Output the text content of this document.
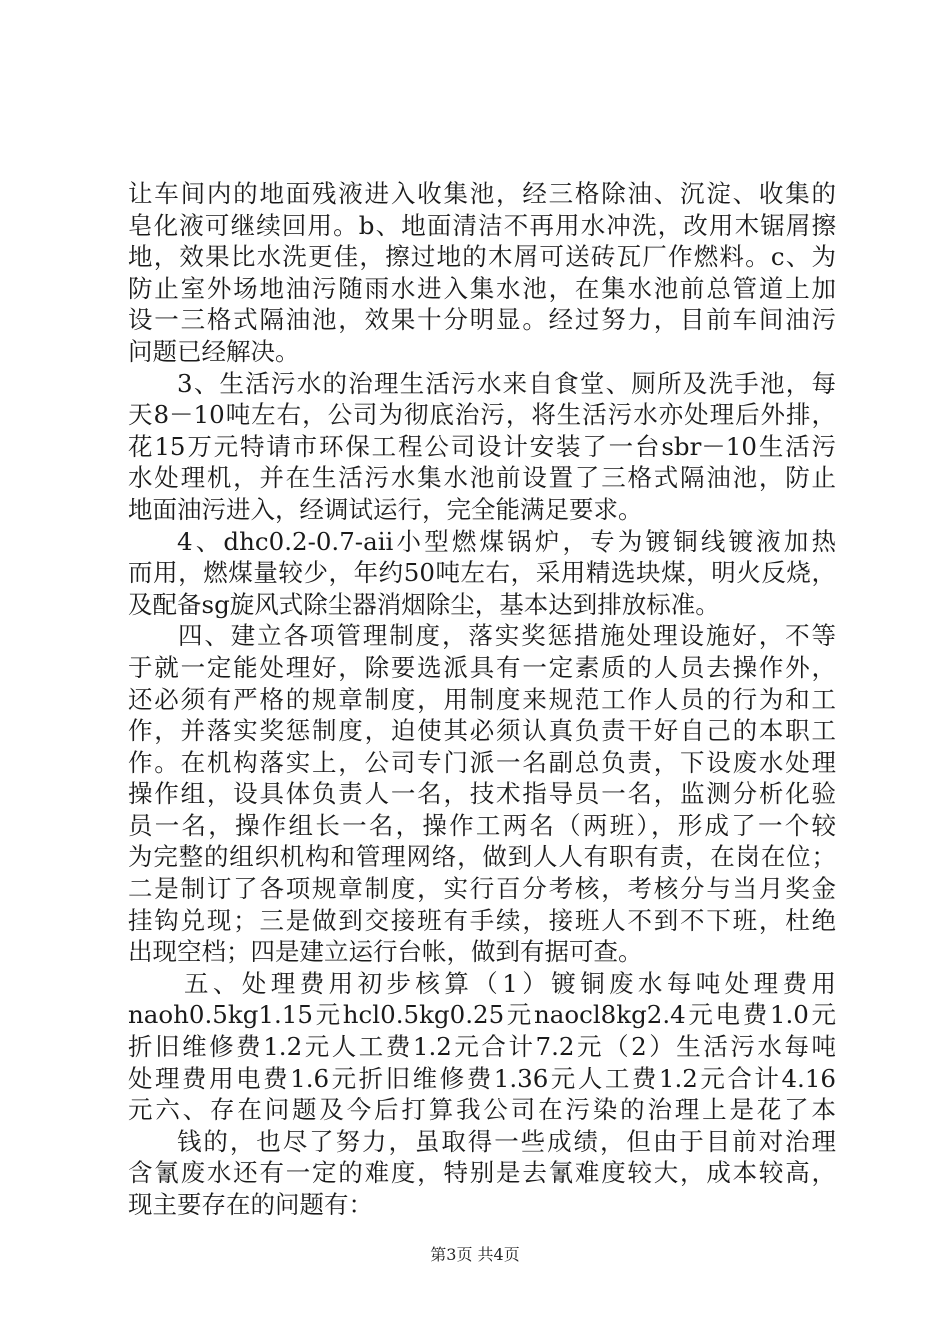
让车间内的地面残液进入收集池，经三格除油、沉淀、收集的
皂化液可继续回用。b、地面清洁不再用水冲洗，改用木锯屑擦
地，效果比水洗更佳，擦过地的木屑可送砖瓦厂作燃料。c、为
防止室外场地油污随雨水进入集水池，在集水池前总管道上加
设一三格式隔油池，效果十分明显。经过努力，目前车间油污
问题已经解决。
3、生活污水的治理生活污水来自食堂、厕所及洗手池，每
天8－10吨左右，公司为彻底治污，将生活污水亦处理后外排，
花15万元特请市环保工程公司设计安装了一台sbr－10生活污
水处理机，并在生活污水集水池前设置了三格式隔油池，防止
地面油污进入，经调试运行，完全能满足要求。
4、dhc0.2-0.7-aii小型燃煤锅炉，专为镀铜线镀液加热
而用，燃煤量较少，年约50吨左右，采用精选块煤，明火反烧，
及配备sg旋风式除尘器消烟除尘，基本达到排放标准。
四、建立各项管理制度，落实奖惩措施处理设施好，不等
于就一定能处理好，除要选派具有一定素质的人员去操作外，
还必须有严格的规章制度，用制度来规范工作人员的行为和工
作，并落实奖惩制度，迫使其必须认真负责干好自己的本职工
作。在机构落实上，公司专门派一名副总负责，下设废水处理
操作组，设具体负责人一名，技术指导员一名，监测分析化验
员一名，操作组长一名，操作工两名（两班），形成了一个较
为完整的组织机构和管理网络，做到人人有职有责，在岗在位；
二是制订了各项规章制度，实行百分考核，考核分与当月奖金
挂钩兑现；三是做到交接班有手续，接班人不到不下班，杜绝
出现空档；四是建立运行台帐，做到有据可查。
五、处理费用初步核算（1）镀铜废水每吨处理费用
naoh0.5kg1.15元hcl0.5kg0.25元naocl8kg2.4元电费1.0元
折旧维修费1.2元人工费1.2元合计7.2元（2）生活污水每吨
处理费用电费1.6元折旧维修费1.36元人工费1.2元合计4.16
元六、存在问题及今后打算我公司在污染的治理上是花了本
钱的，也尽了努力，虽取得一些成绩，但由于目前对治理
含氰废水还有一定的难度，特别是去氰难度较大，成本较高，
现主要存在的问题有：
第3页 共4页
